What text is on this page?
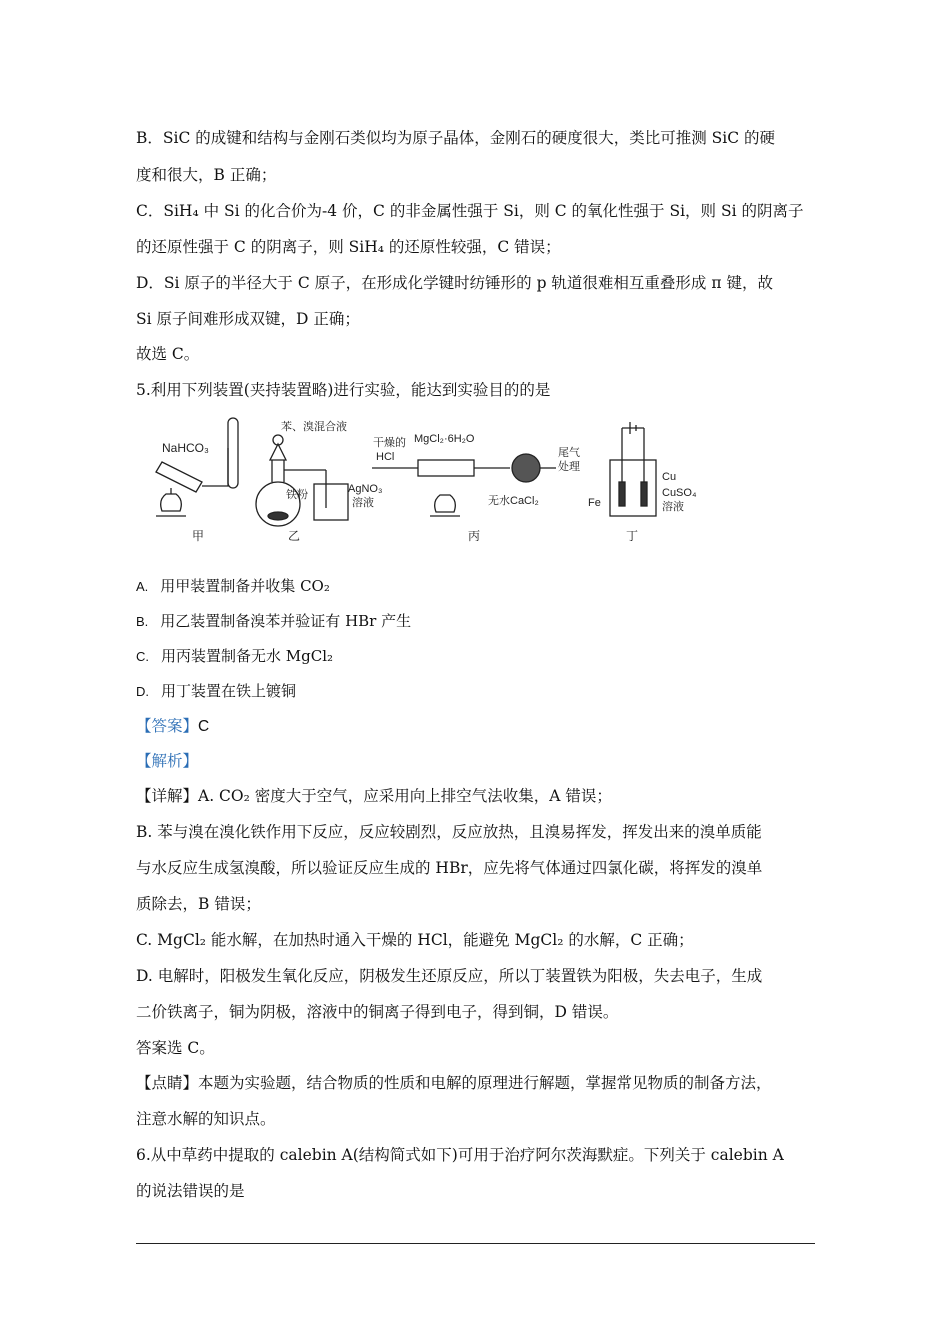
B．SiC 的成键和结构与金刚石类似均为原子晶体，金刚石的硬度很大，类比可推测 SiC 的硬
度和很大，B 正确；
C．SiH₄ 中 Si 的化合价为-4 价，C 的非金属性强于 Si，则 C 的氧化性强于 Si，则 Si 的阴离子
的还原性强于 C 的阴离子，则 SiH₄ 的还原性较强，C 错误；
D．Si 原子的半径大于 C 原子，在形成化学键时纺锤形的 p 轨道很难相互重叠形成 π 键，故
Si 原子间难形成双键，D 正确；
故选 C。
5.利用下列装置(夹持装置略)进行实验，能达到实验目的的是
NaHCO₃
甲
苯、溴混合液
铁粉	AgNO₃
溶液
乙
干燥的
HCl
MgCl₂·6H₂O
无水CaCl₂
尾气
处理
丙
Fe
Cu
CuSO₄
溶液
丁
A. 用甲装置制备并收集 CO₂
B. 用乙装置制备溴苯并验证有 HBr 产生
C. 用丙装置制备无水 MgCl₂
D. 用丁装置在铁上镀铜
【答案】C
【解析】
【详解】A. CO₂ 密度大于空气，应采用向上排空气法收集，A 错误；
B. 苯与溴在溴化铁作用下反应，反应较剧烈，反应放热，且溴易挥发，挥发出来的溴单质能
与水反应生成氢溴酸，所以验证反应生成的 HBr，应先将气体通过四氯化碳，将挥发的溴单
质除去，B 错误；
C. MgCl₂ 能水解，在加热时通入干燥的 HCl，能避免 MgCl₂ 的水解，C 正确；
D. 电解时，阳极发生氧化反应，阴极发生还原反应，所以丁装置铁为阳极，失去电子，生成
二价铁离子，铜为阴极，溶液中的铜离子得到电子，得到铜，D 错误。
答案选 C。
【点睛】本题为实验题，结合物质的性质和电解的原理进行解题，掌握常见物质的制备方法，
注意水解的知识点。
6.从中草药中提取的 calebin A(结构简式如下)可用于治疗阿尔茨海默症。下列关于 calebin A
的说法错误的是
